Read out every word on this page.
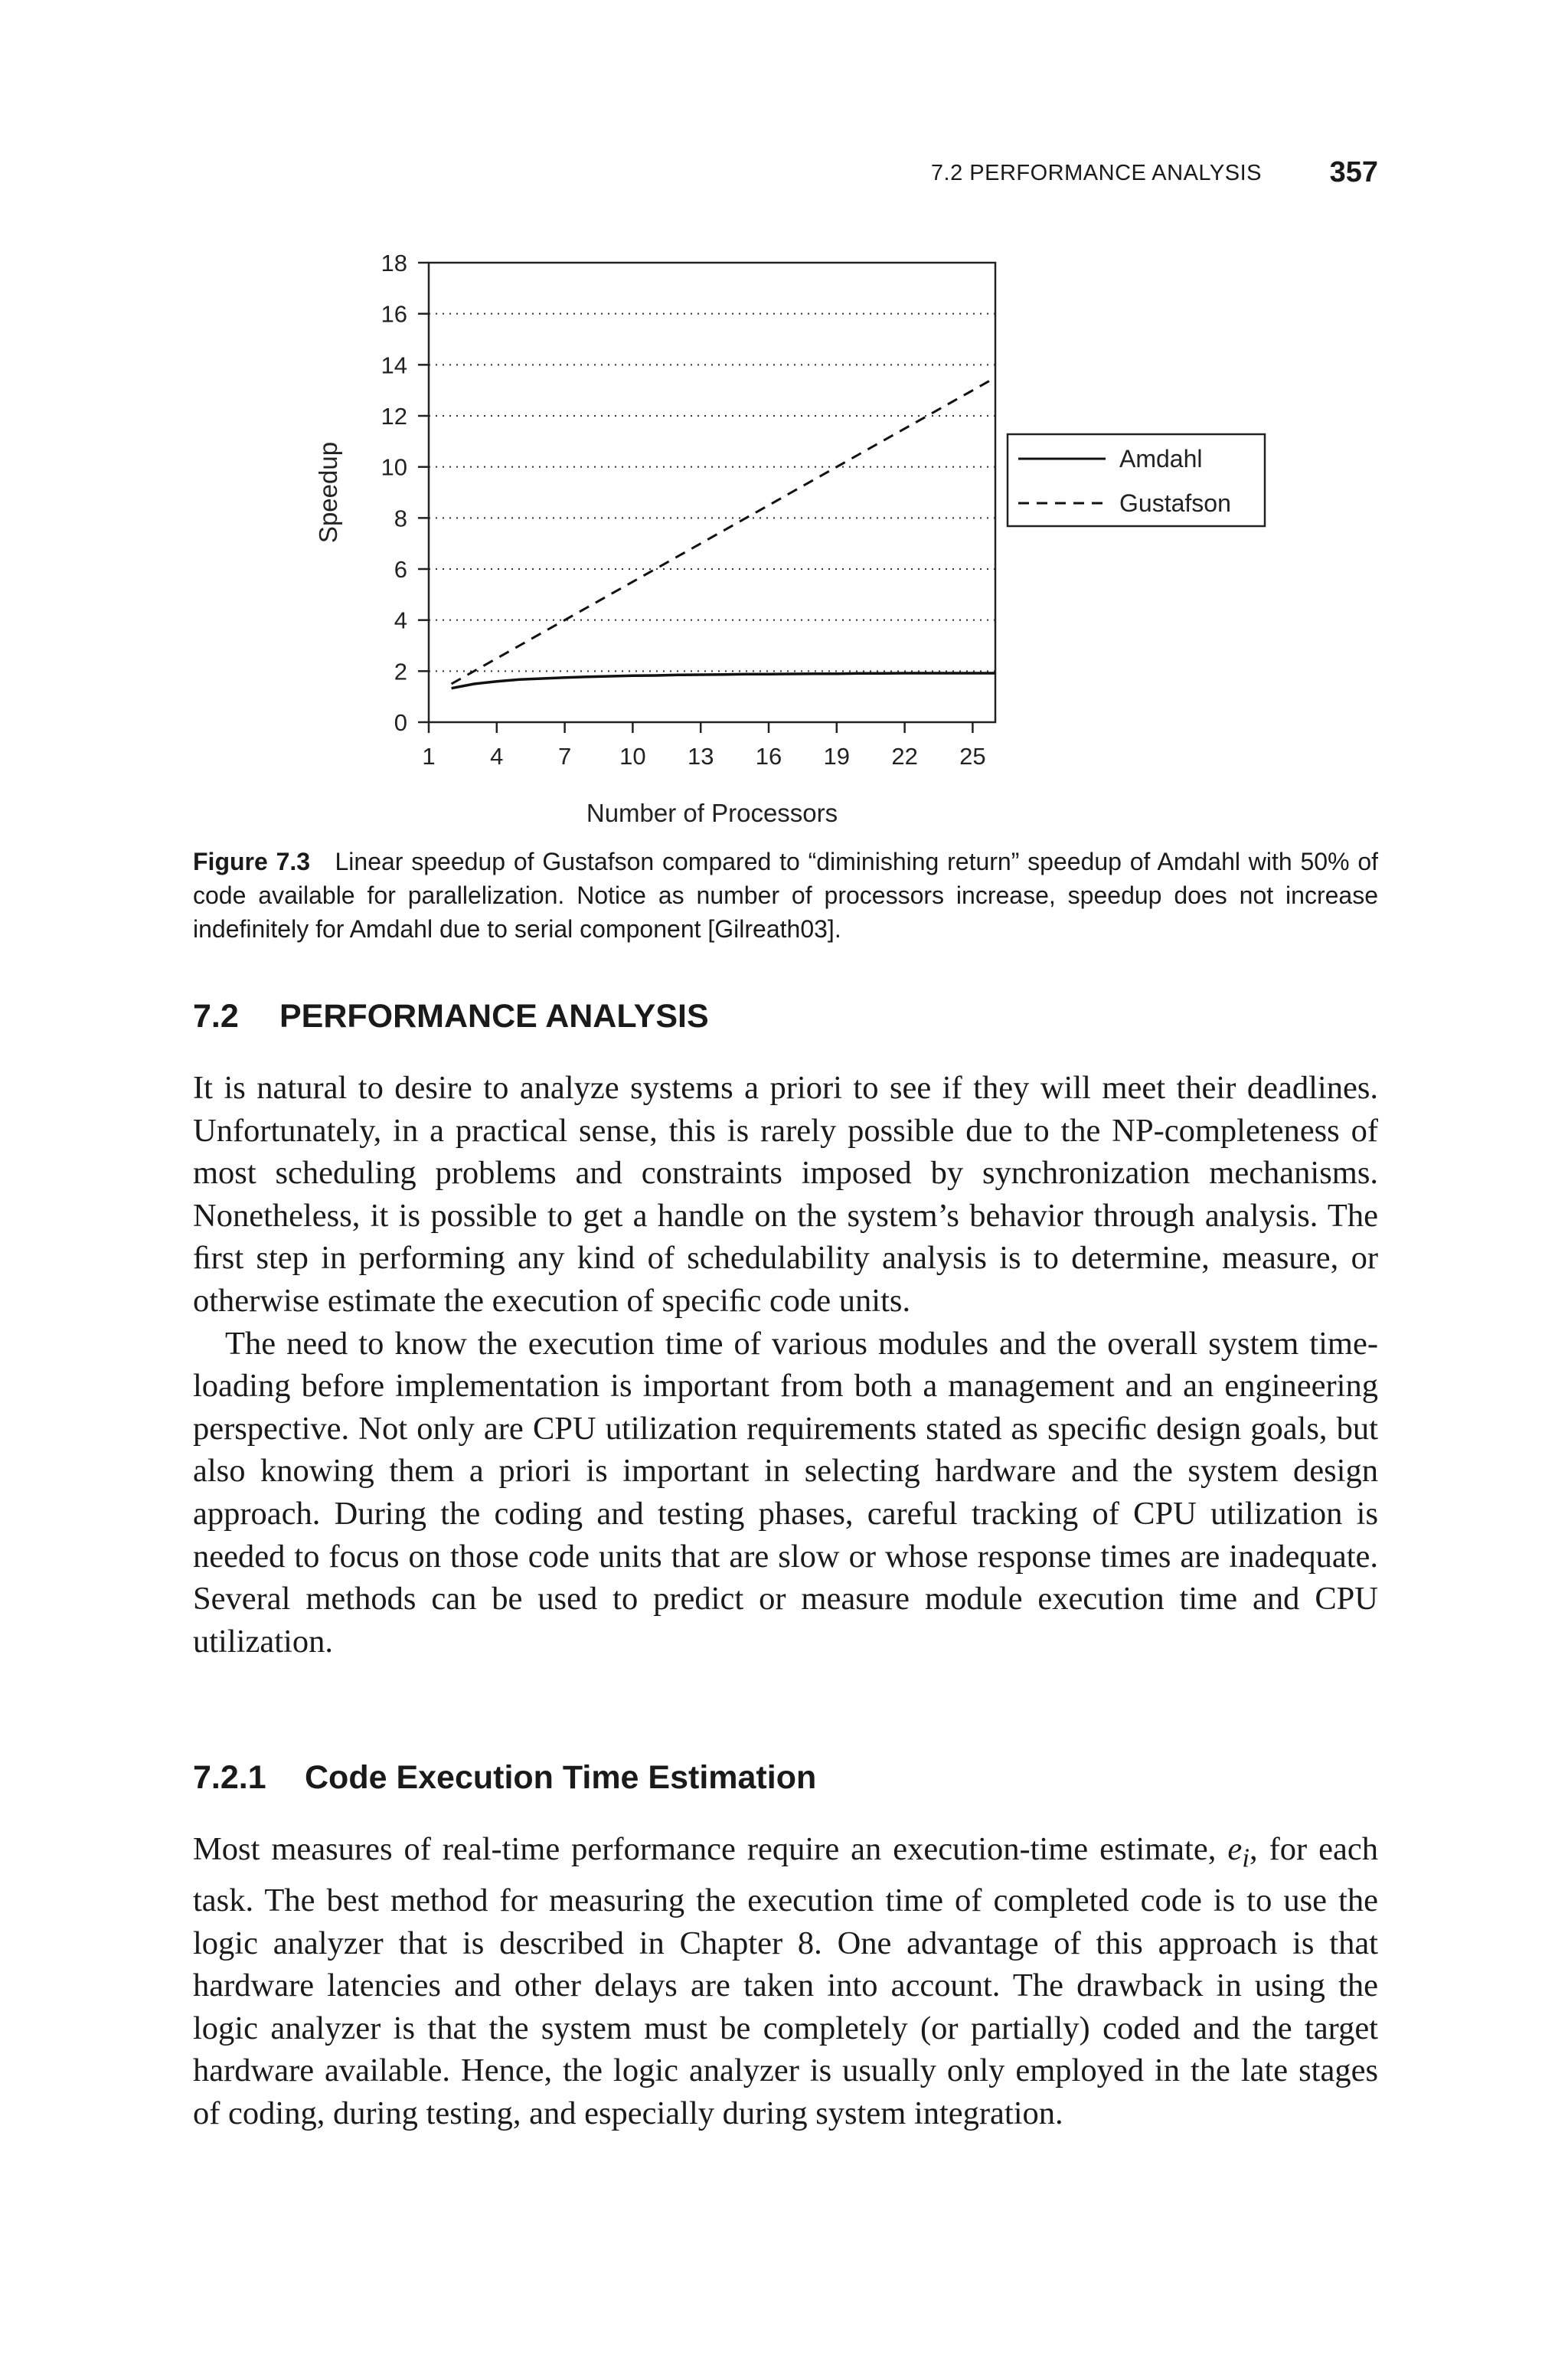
7.2 PERFORMANCE ANALYSIS 357
0
2
4
6
8
10
12
14
16
18
1 4 7 10 13 16 19 22 25
Number of Processors
Speedup	Amdahl
Gustafson
Figure 7.3 Linear speedup of Gustafson compared to “diminishing return” speedup of Amdahl with 50% of code available for parallelization. Notice as number of processors increase, speedup does not increase indefinitely for Amdahl due to serial component [Gilreath03].
7.2 PERFORMANCE ANALYSIS

It is natural to desire to analyze systems a priori to see if they will meet their deadlines. Unfortunately, in a practical sense, this is rarely possible due to the NP-completeness of most scheduling problems and constraints imposed by synchronization mechanisms. Nonetheless, it is possible to get a handle on the system’s behavior through analysis. The ﬁrst step in performing any kind of schedulability analysis is to determine, measure, or otherwise estimate the execution of speciﬁc code units.

The need to know the execution time of various modules and the overall system time-loading before implementation is important from both a management and an engineering perspective. Not only are CPU utilization requirements stated as speciﬁc design goals, but also knowing them a priori is important in selecting hardware and the system design approach. During the coding and testing phases, careful tracking of CPU utilization is needed to focus on those code units that are slow or whose response times are inadequate. Several methods can be used to predict or measure module execution time and CPU utilization.

7.2.1 Code Execution Time Estimation

Most measures of real-time performance require an execution-time estimate, $e_i$, for each task. The best method for measuring the execution time of completed code is to use the logic analyzer that is described in Chapter 8. One advantage of this approach is that hardware latencies and other delays are taken into account. The drawback in using the logic analyzer is that the system must be completely (or partially) coded and the target hardware available. Hence, the logic analyzer is usually only employed in the late stages of coding, during testing, and especially during system integration.
